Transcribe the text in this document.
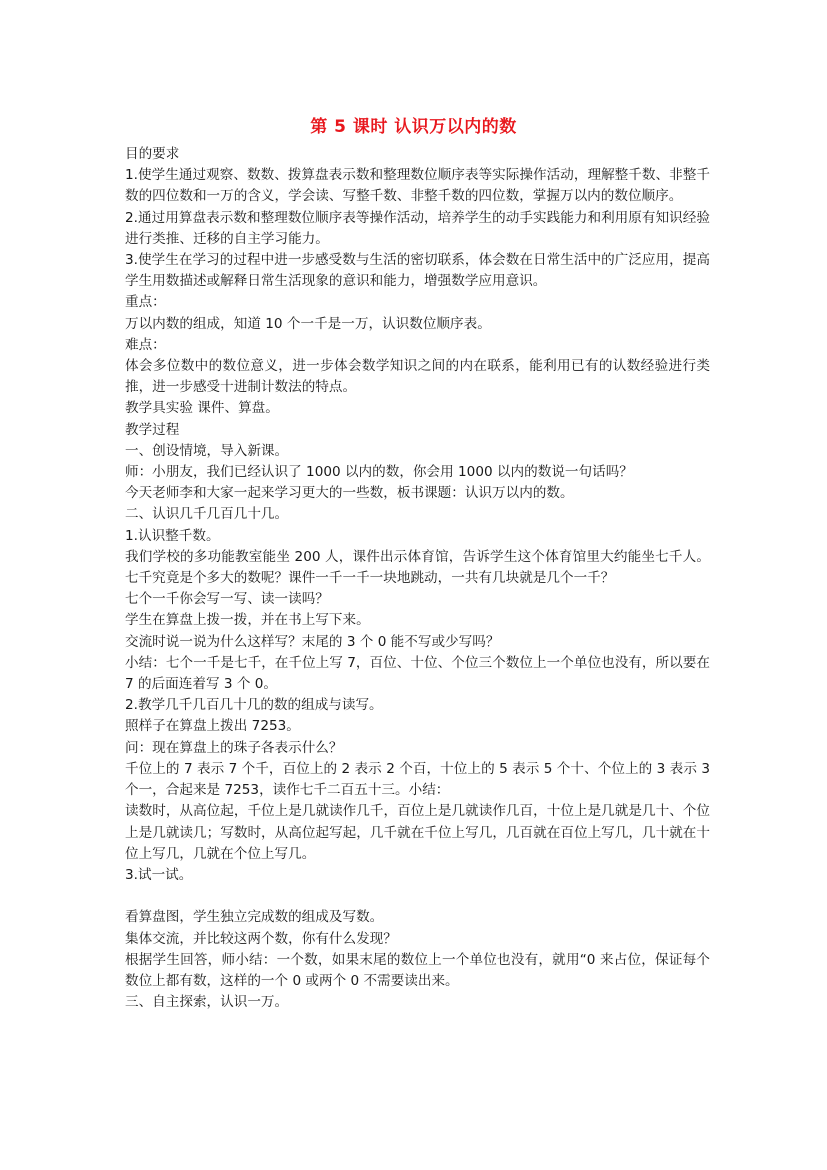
第 5 课时 认识万以内的数

目的要求

1.使学生通过观察、数数、拨算盘表示数和整理数位顺序表等实际操作活动，理解整千数、非整千数的四位数和一万的含义，学会读、写整千数、非整千数的四位数，掌握万以内的数位顺序。

2.通过用算盘表示数和整理数位顺序表等操作活动，培养学生的动手实践能力和利用原有知识经验进行类推、迁移的自主学习能力。

3.使学生在学习的过程中进一步感受数与生活的密切联系，体会数在日常生活中的广泛应用，提高学生用数描述或解释日常生活现象的意识和能力，增强数学应用意识。

重点：

万以内数的组成，知道 10 个一千是一万，认识数位顺序表。

难点：

体会多位数中的数位意义，进一步体会数学知识之间的内在联系，能利用已有的认数经验进行类推，进一步感受十进制计数法的特点。

教学具实验 课件、算盘。

教学过程

一、创设情境，导入新课。

师：小朋友，我们已经认识了 1000 以内的数，你会用 1000 以内的数说一句话吗？

今天老师李和大家一起来学习更大的一些数，板书课题：认识万以内的数。

二、认识几千几百几十几。

1.认识整千数。

我们学校的多功能教室能坐 200 人，课件出示体育馆，告诉学生这个体育馆里大约能坐七千人。七千究竟是个多大的数呢？课件一千一千一块地跳动，一共有几块就是几个一千？

七个一千你会写一写、读一读吗？

学生在算盘上拨一拨，并在书上写下来。

交流时说一说为什么这样写？末尾的 3 个 0 能不写或少写吗？

小结：七个一千是七千，在千位上写 7，百位、十位、个位三个数位上一个单位也没有，所以要在 7 的后面连着写 3 个 0。

2.教学几千几百几十几的数的组成与读写。

照样子在算盘上拨出 7253。

问：现在算盘上的珠子各表示什么？

千位上的 7 表示 7 个千，百位上的 2 表示 2 个百，十位上的 5 表示 5 个十、个位上的 3 表示 3 个一，合起来是 7253，读作七千二百五十三。小结：

读数时，从高位起，千位上是几就读作几千，百位上是几就读作几百，十位上是几就是几十、个位上是几就读几；写数时，从高位起写起，几千就在千位上写几，几百就在百位上写几，几十就在十位上写几，几就在个位上写几。

3.试一试。

看算盘图，学生独立完成数的组成及写数。

集体交流，并比较这两个数，你有什么发现？

根据学生回答，师小结：一个数，如果末尾的数位上一个单位也没有，就用“0 来占位，保证每个数位上都有数，这样的一个 0 或两个 0 不需要读出来。

三、自主探索，认识一万。
